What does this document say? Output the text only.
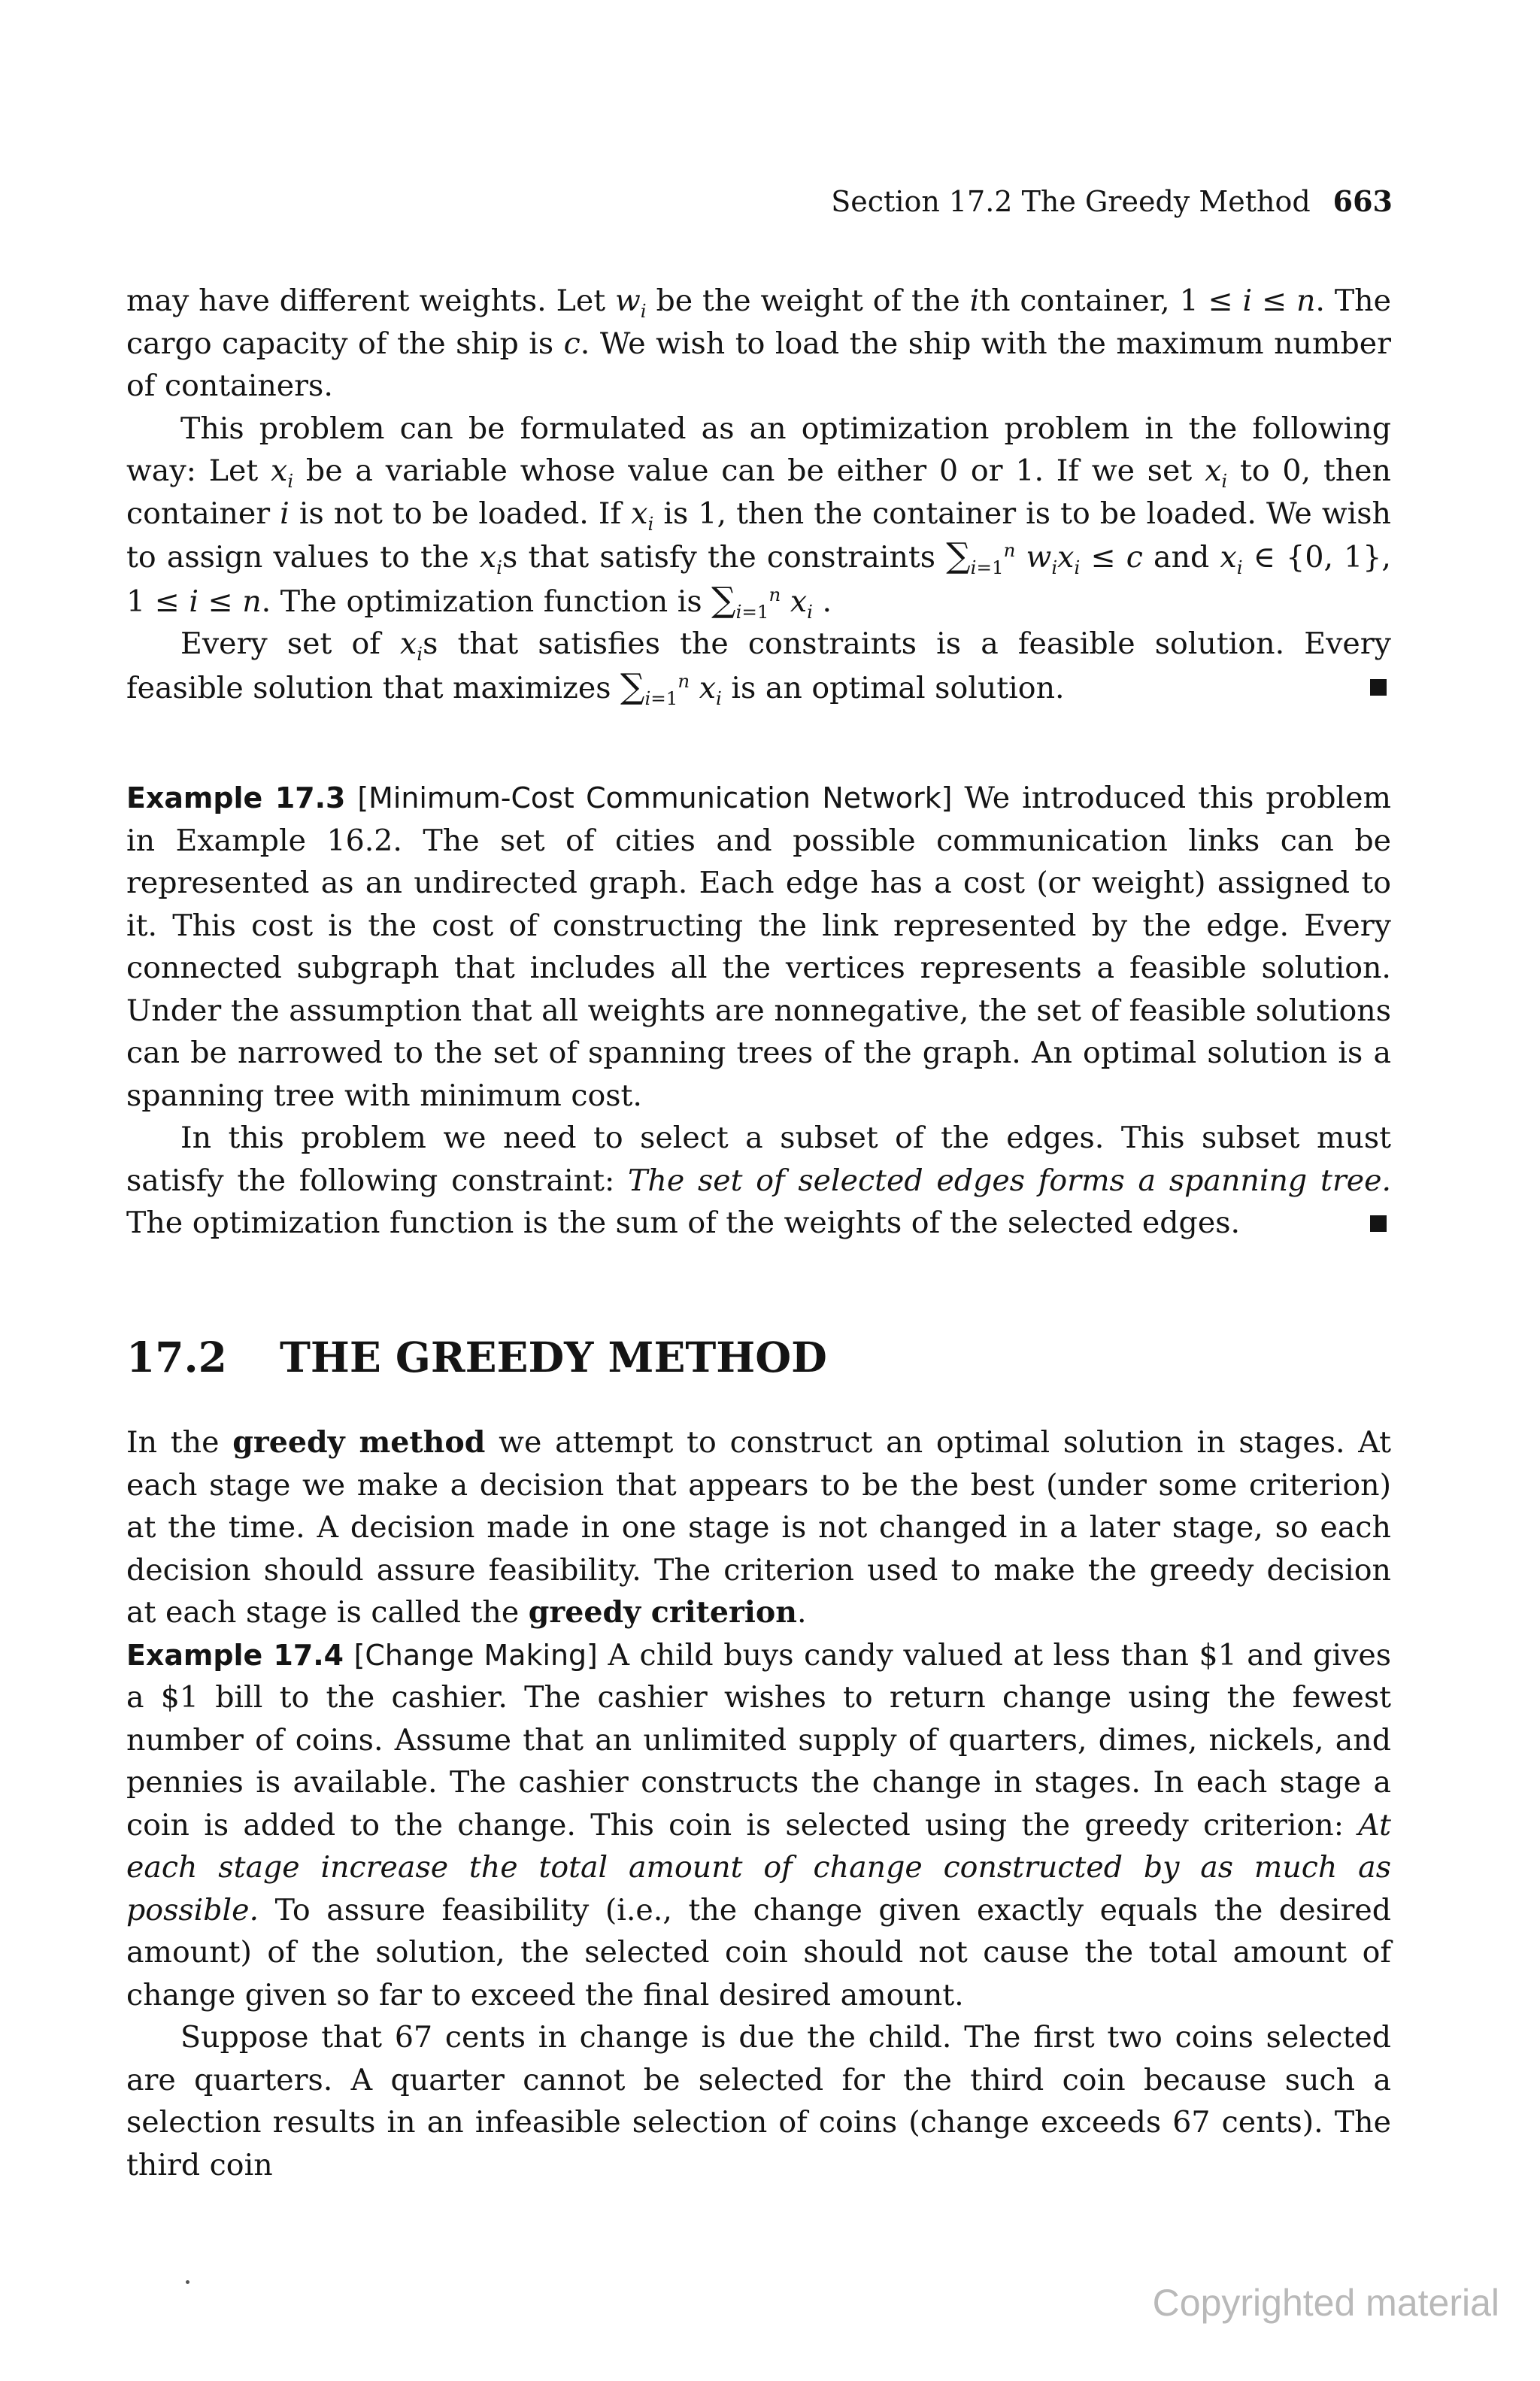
Section 17.2 The Greedy Method 663

may have different weights. Let $w_i$ be the weight of the ith container, 1 ≤ i ≤ n. The cargo capacity of the ship is c. We wish to load the ship with the maximum number of containers.

This problem can be formulated as an optimization problem in the following way: Let $x_i$ be a variable whose value can be either 0 or 1. If we set $x_i$ to 0, then container i is not to be loaded. If $x_i$ is 1, then the container is to be loaded. We wish to assign values to the $x_is$ that satisfy the constraints $\sum_{i=1}^n$ $w_ix_i \le c$ and $x_i$ ∈ {0, 1}, 1 ≤ i ≤ n. The optimization function is $\sum_{i=1}^n$ $x_i$ .

Every set of $x_is$ that satisfies the constraints is a feasible solution. Every feasible solution that maximizes $\sum_{i=1}^n$ $x_i$ is an optimal solution.

Example 17.3 [Minimum-Cost Communication Network] We introduced this problem in Example 16.2. The set of cities and possible communication links can be represented as an undirected graph. Each edge has a cost (or weight) assigned to it. This cost is the cost of constructing the link represented by the edge. Every connected subgraph that includes all the vertices represents a feasible solution. Under the assumption that all weights are nonnegative, the set of feasible solutions can be narrowed to the set of spanning trees of the graph. An optimal solution is a spanning tree with minimum cost.

In this problem we need to select a subset of the edges. This subset must satisfy the following constraint: The set of selected edges forms a spanning tree. The optimization function is the sum of the weights of the selected edges.

17.2 THE GREEDY METHOD

In the greedy method we attempt to construct an optimal solution in stages. At each stage we make a decision that appears to be the best (under some criterion) at the time. A decision made in one stage is not changed in a later stage, so each decision should assure feasibility. The criterion used to make the greedy decision at each stage is called the greedy criterion.

Example 17.4 [Change Making] A child buys candy valued at less than $1 and gives a $1 bill to the cashier. The cashier wishes to return change using the fewest number of coins. Assume that an unlimited supply of quarters, dimes, nickels, and pennies is available. The cashier constructs the change in stages. In each stage a coin is added to the change. This coin is selected using the greedy criterion: At each stage increase the total amount of change constructed by as much as possible. To assure feasibility (i.e., the change given exactly equals the desired amount) of the solution, the selected coin should not cause the total amount of change given so far to exceed the final desired amount.

Suppose that 67 cents in change is due the child. The first two coins selected are quarters. A quarter cannot be selected for the third coin because such a selection results in an infeasible selection of coins (change exceeds 67 cents). The third coin

Copyrighted material
